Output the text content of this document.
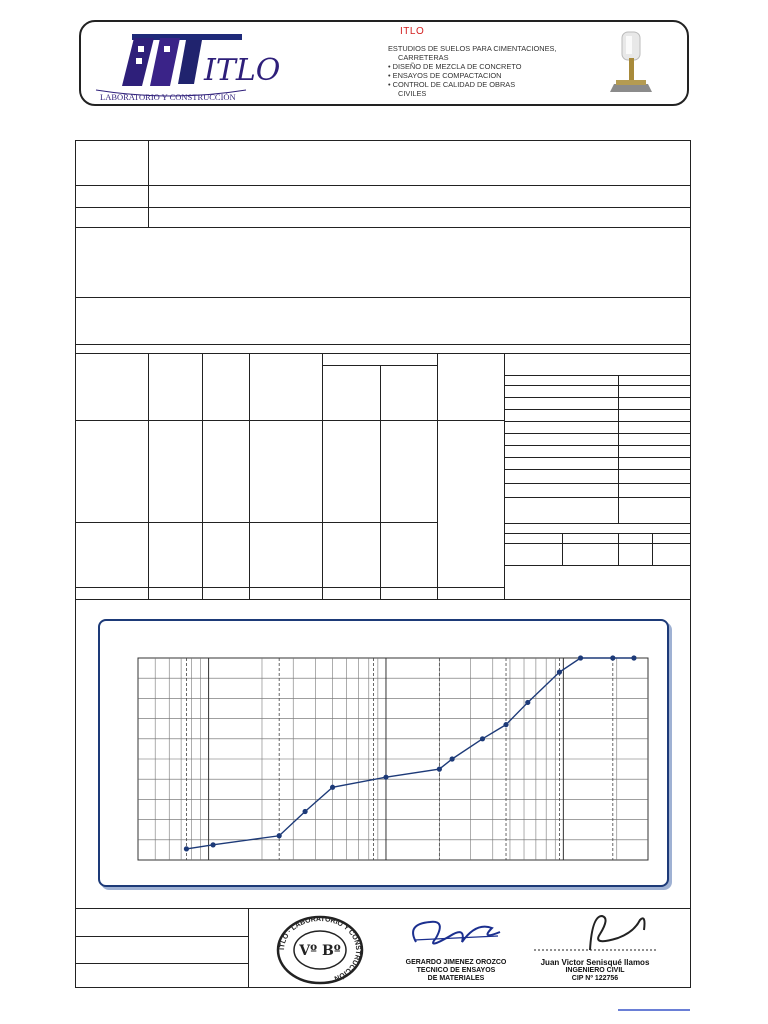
ITLO
LABORATORIO Y CONSTRUCCIÓN
ITLO
ESTUDIOS DE SUELOS PARA CIMENTACIONES,
CARRETERAS
• DISEÑO DE MEZCLA DE CONCRETO
• ENSAYOS DE COMPACTACION
• CONTROL DE CALIDAD DE OBRAS
CIVILES
Vº Bº
ITLO · LABORATORIO Y CONSTRUCCIÓN
GERARDO JIMENEZ OROZCO
TECNICO DE ENSAYOS
DE MATERIALES
Juan Victor Senisqué llamos
INGENIERO CIVIL
CIP Nº 122756
